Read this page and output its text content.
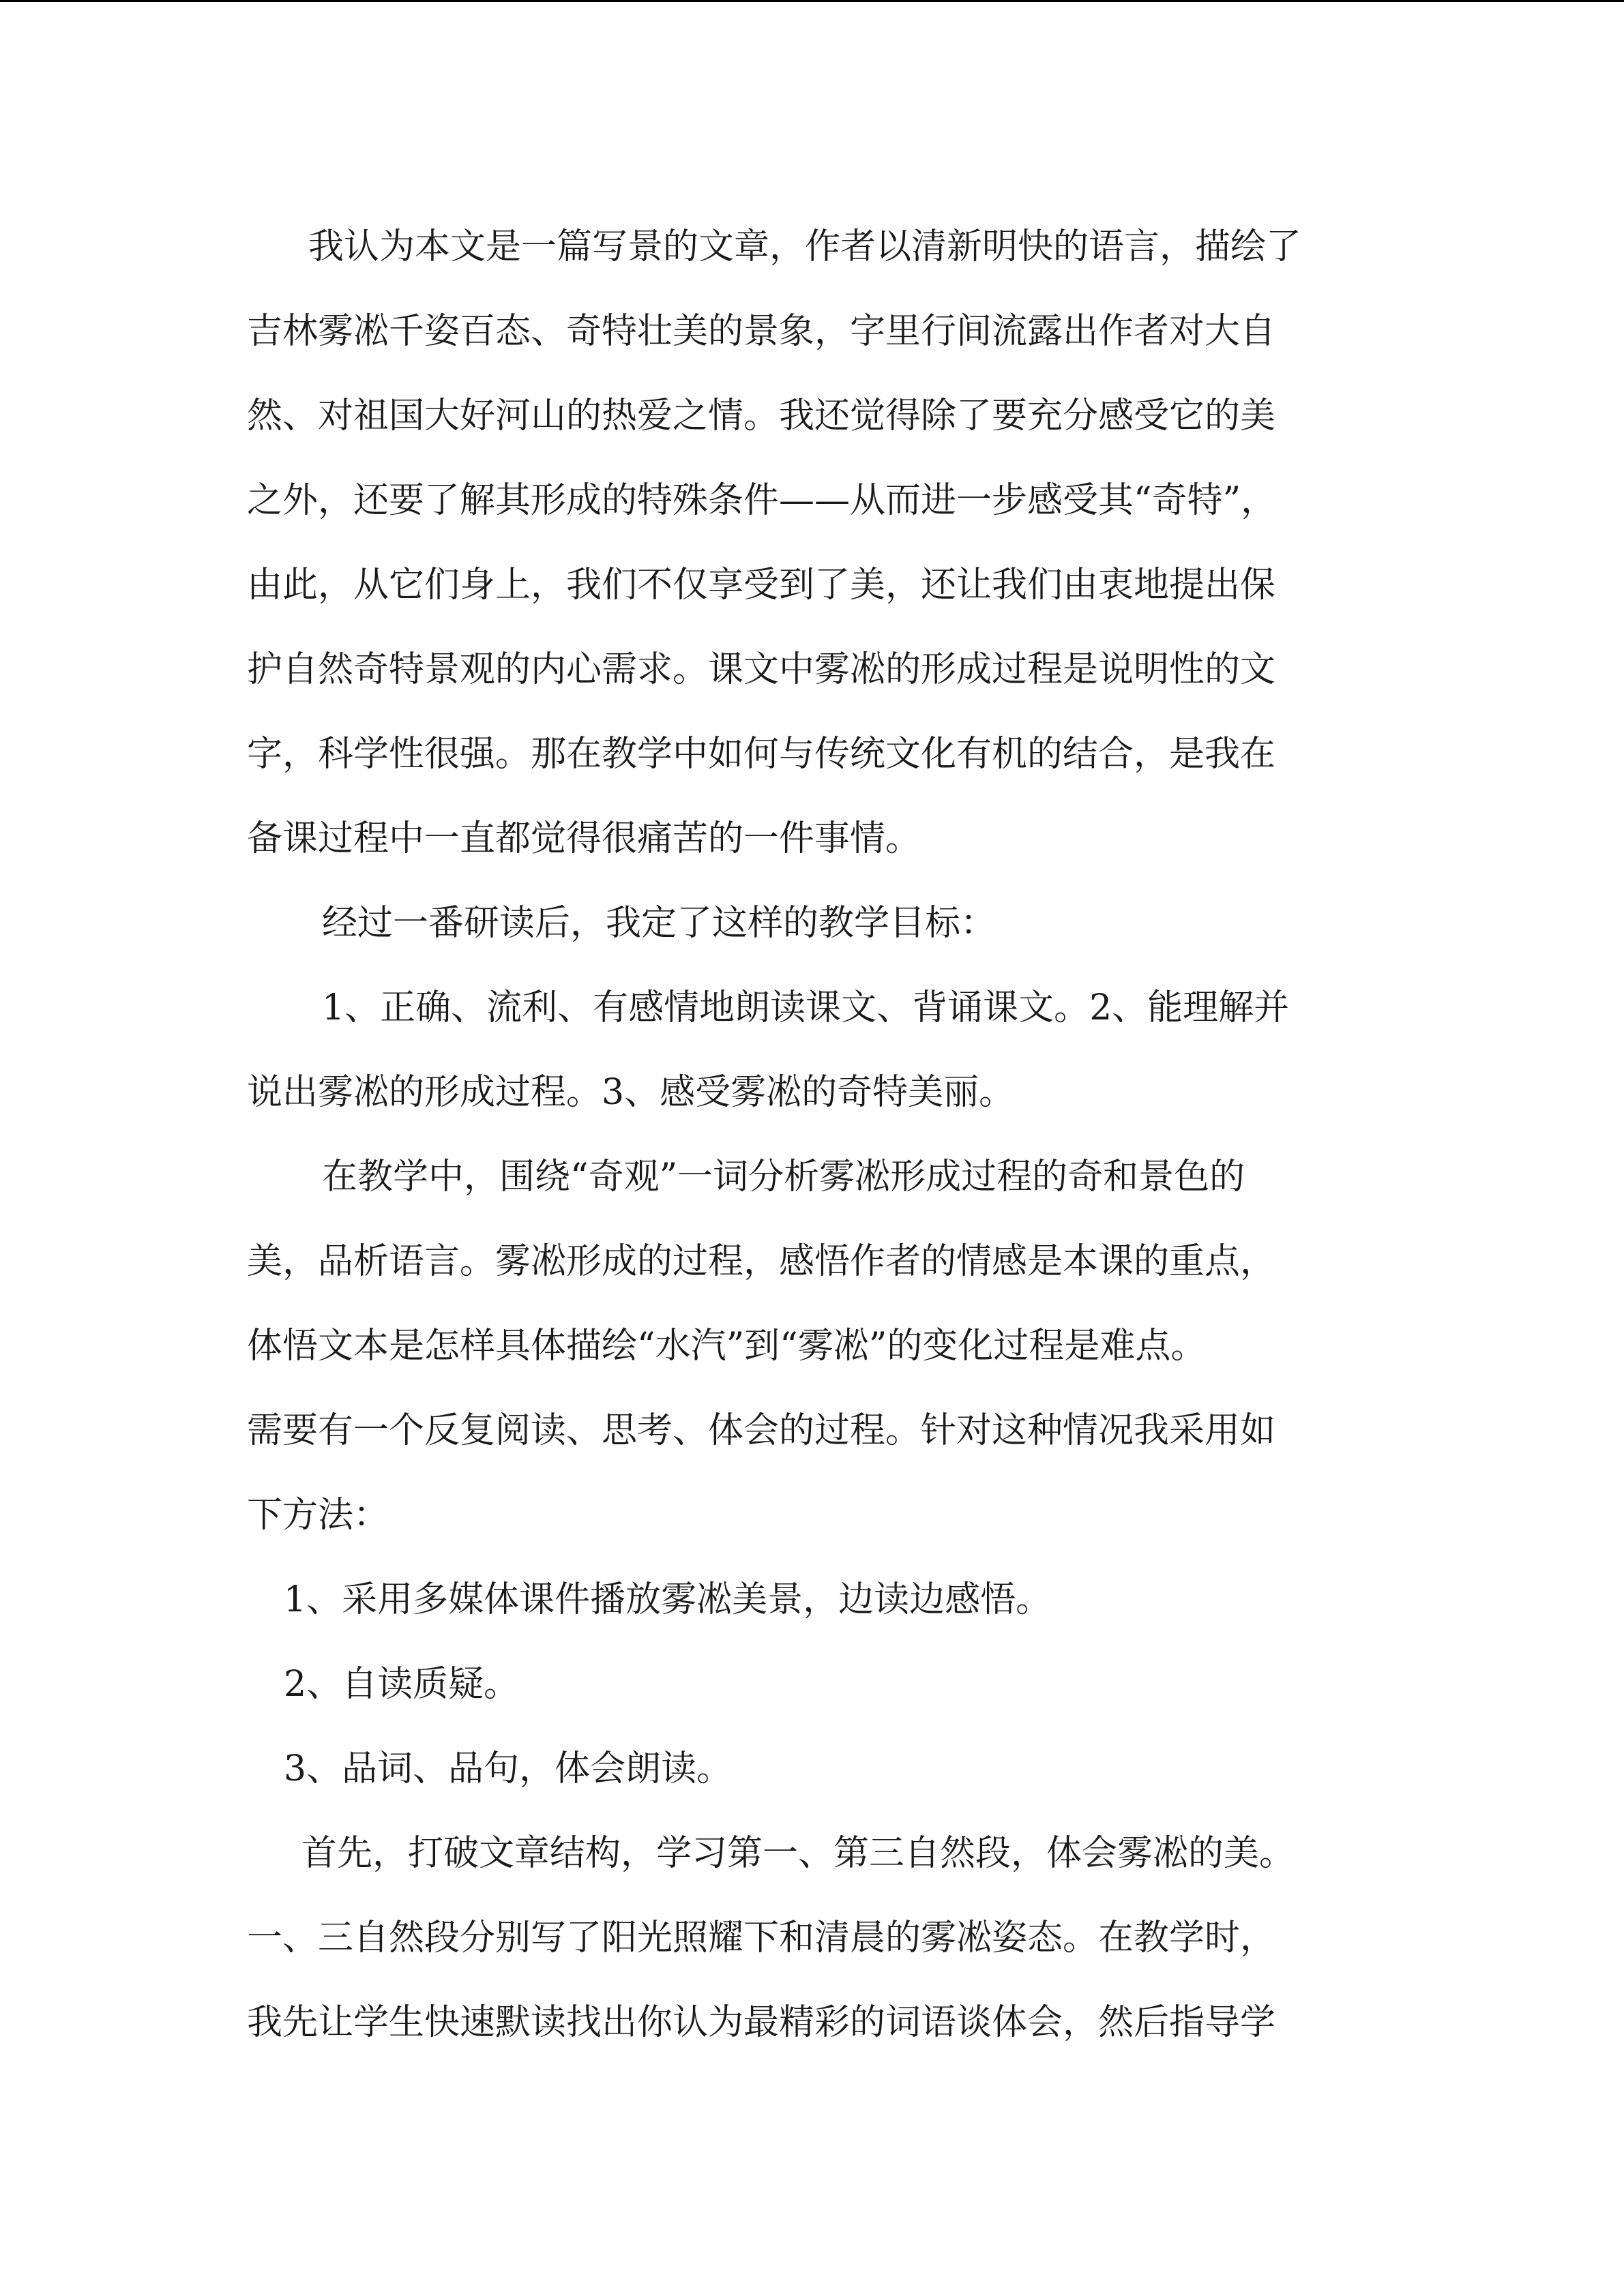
我认为本文是一篇写景的文章，作者以清新明快的语言，描绘了
吉林雾凇千姿百态、奇特壮美的景象，字里行间流露出作者对大自
然、对祖国大好河山的热爱之情。我还觉得除了要充分感受它的美
之外，还要了解其形成的特殊条件——从而进一步感受其“奇特”，
由此，从它们身上，我们不仅享受到了美，还让我们由衷地提出保
护自然奇特景观的内心需求。课文中雾凇的形成过程是说明性的文
字，科学性很强。那在教学中如何与传统文化有机的结合，是我在
备课过程中一直都觉得很痛苦的一件事情。
经过一番研读后，我定了这样的教学目标：
1、正确、流利、有感情地朗读课文、背诵课文。2、能理解并
说出雾凇的形成过程。3、感受雾凇的奇特美丽。
在教学中，围绕“奇观”一词分析雾凇形成过程的奇和景色的
美，品析语言。雾凇形成的过程，感悟作者的情感是本课的重点，
体悟文本是怎样具体描绘“水汽”到“雾凇”的变化过程是难点。
需要有一个反复阅读、思考、体会的过程。针对这种情况我采用如
下方法：
1、采用多媒体课件播放雾凇美景，边读边感悟。
2、自读质疑。
3、品词、品句，体会朗读。
首先，打破文章结构，学习第一、第三自然段，体会雾凇的美。
一、三自然段分别写了阳光照耀下和清晨的雾凇姿态。在教学时，
我先让学生快速默读找出你认为最精彩的词语谈体会，然后指导学
